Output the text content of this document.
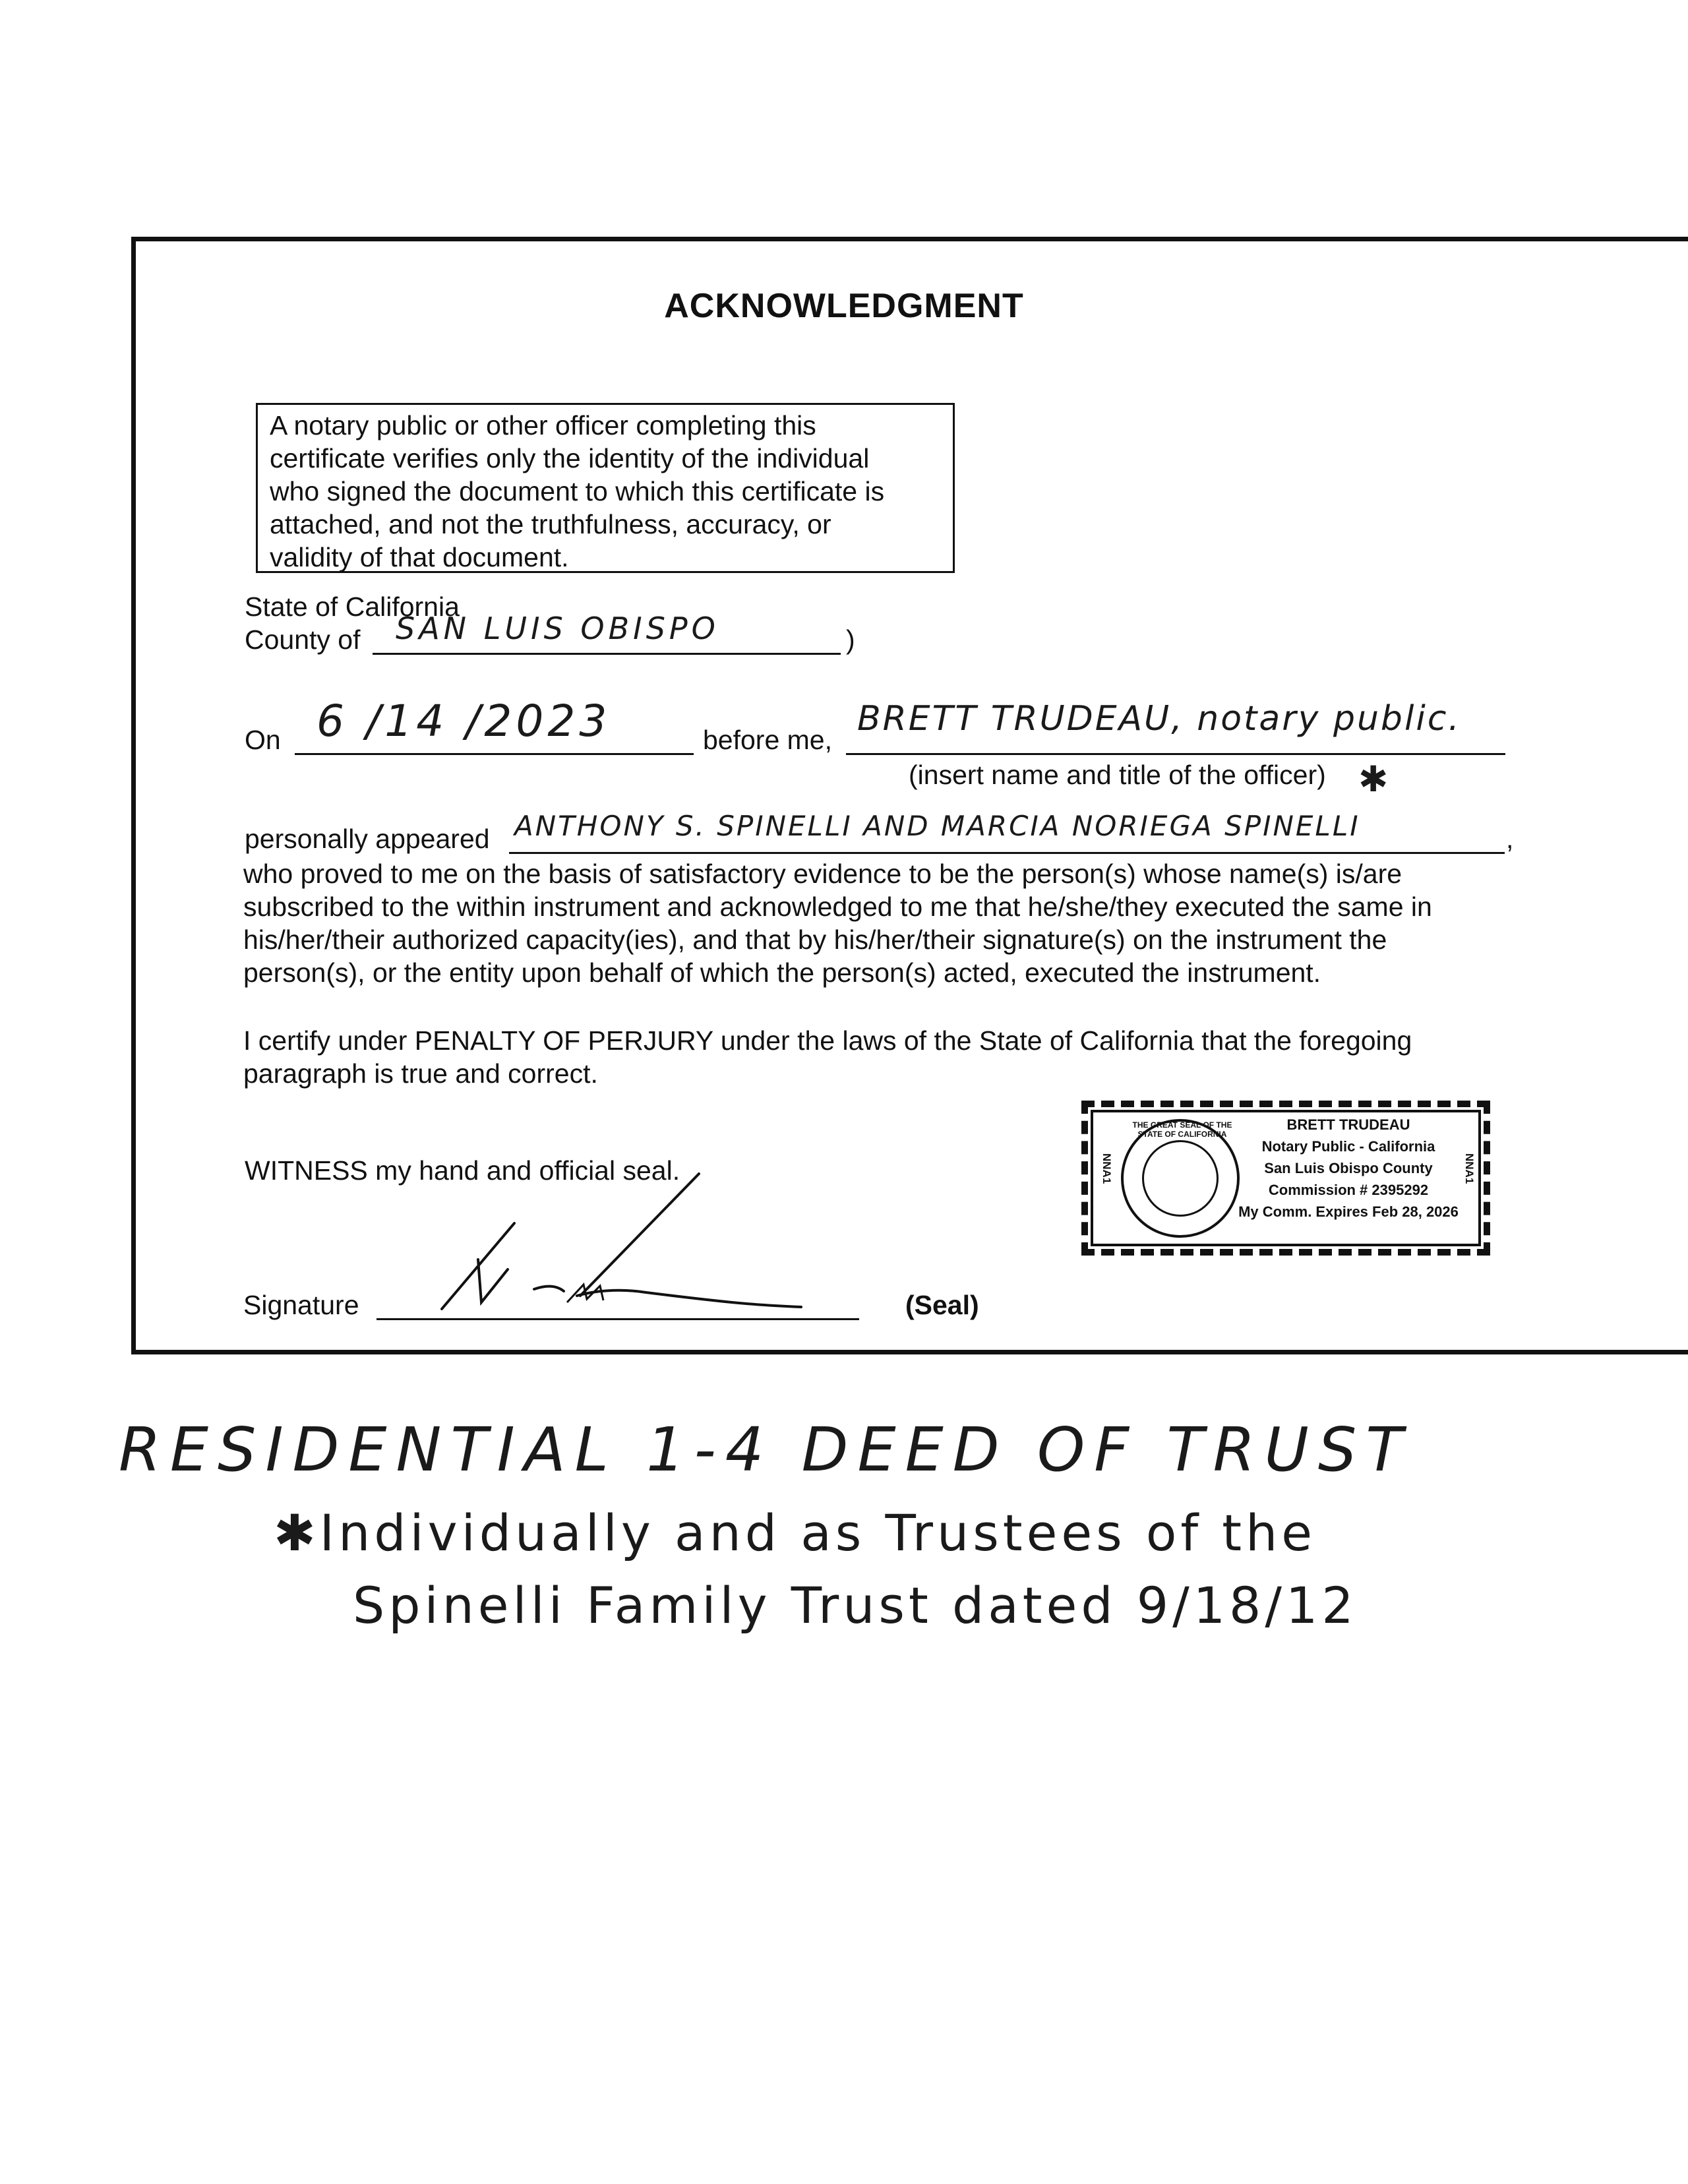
ACKNOWLEDGMENT
A notary public or other officer completing this
certificate verifies only the identity of the individual
who signed the document to which this certificate is
attached, and not the truthfulness, accuracy, or
validity of that document.
State of California
County of SAN LUIS OBISPO	)
On 6 /14 /2023	before me,
BRETT TRUDEAU, notary public.
(insert name and title of the officer) ✱
personally appeared ANTHONY S. SPINELLI AND MARCIA NORIEGA SPINELLI	,
who proved to me on the basis of satisfactory evidence to be the person(s) whose name(s) is/are
subscribed to the within instrument and acknowledged to me that he/she/they executed the same in
his/her/their authorized capacity(ies), and that by his/her/their signature(s) on the instrument the
person(s), or the entity upon behalf of which the person(s) acted, executed the instrument.
I certify under PENALTY OF PERJURY under the laws of the State of California that the foregoing
paragraph is true and correct.
WITNESS my hand and official seal.
Signature	(Seal)
THE GREAT SEAL OF THE STATE OF CALIFORNIA
NNA1	NNA1
BRETT TRUDEAU
Notary Public - California
San Luis Obispo County
Commission # 2395292
My Comm. Expires Feb 28, 2026
RESIDENTIAL 1-4 DEED OF TRUST
✱Individually and as Trustees of the
Spinelli Family Trust dated 9/18/12
